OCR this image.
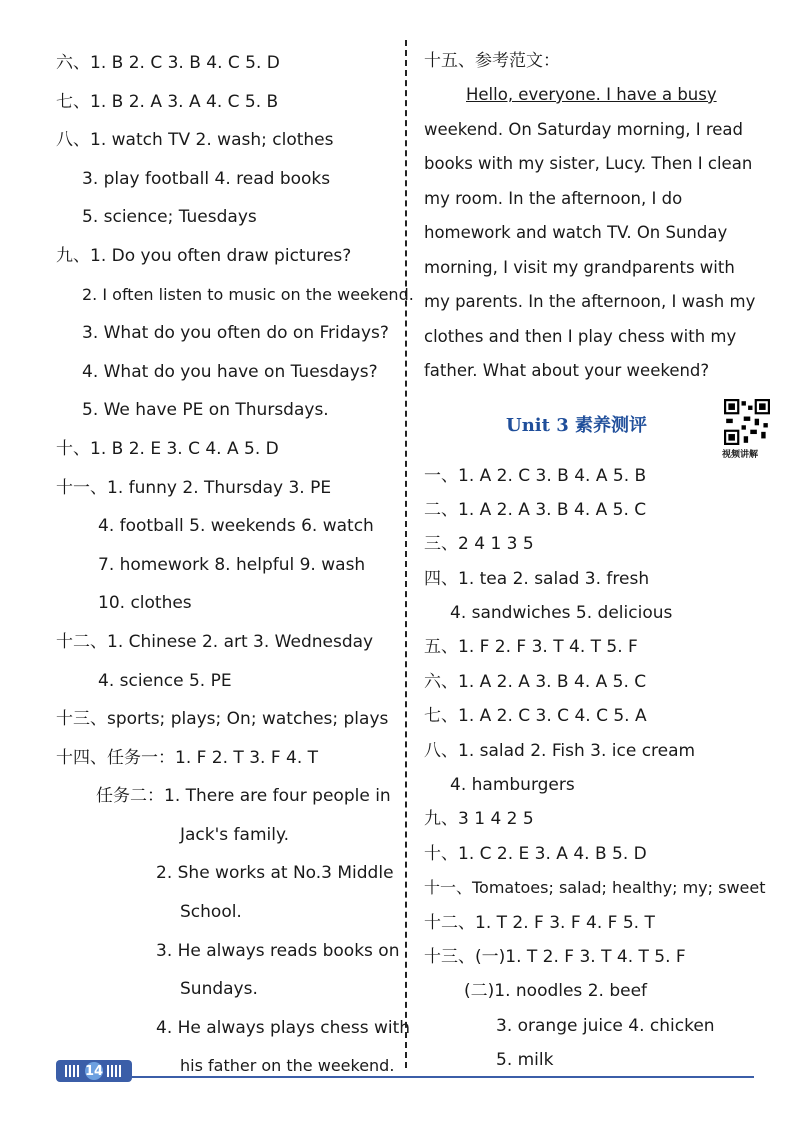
六、1. B 2. C 3. B 4. C 5. D
七、1. B 2. A 3. A 4. C 5. B
八、1. watch TV 2. wash; clothes
3. play football 4. read books
5. science; Tuesdays
九、1. Do you often draw pictures?
2. I often listen to music on the weekend.
3. What do you often do on Fridays?
4. What do you have on Tuesdays?
5. We have PE on Thursdays.
十、1. B 2. E 3. C 4. A 5. D
十一、1. funny 2. Thursday 3. PE
4. football 5. weekends 6. watch
7. homework 8. helpful 9. wash
10. clothes
十二、1. Chinese 2. art 3. Wednesday
4. science 5. PE
十三、sports; plays; On; watches; plays
十四、任务一：1. F 2. T 3. F 4. T
任务二：1. There are four people in
Jack's family.
2. She works at No.3 Middle
School.
3. He always reads books on
Sundays.
4. He always plays chess with
his father on the weekend.

十五、参考范文：

Hello, everyone. I have a busy

weekend. On Saturday morning, I read

books with my sister, Lucy. Then I clean

my room. In the afternoon, I do

homework and watch TV. On Sunday

morning, I visit my grandparents with

my parents. In the afternoon, I wash my

clothes and then I play chess with my

father. What about your weekend?

Unit 3 素养测评
视频讲解
一、1. A 2. C 3. B 4. A 5. B
二、1. A 2. A 3. B 4. A 5. C
三、2 4 1 3 5
四、1. tea 2. salad 3. fresh
4. sandwiches 5. delicious
五、1. F 2. F 3. T 4. T 5. F
六、1. A 2. A 3. B 4. A 5. C
七、1. A 2. C 3. C 4. C 5. A
八、1. salad 2. Fish 3. ice cream
4. hamburgers
九、3 1 4 2 5
十、1. C 2. E 3. A 4. B 5. D
十一、Tomatoes; salad; healthy; my; sweet
十二、1. T 2. F 3. F 4. F 5. T
十三、(一)1. T 2. F 3. T 4. T 5. F
(二)1. noodles 2. beef
3. orange juice 4. chicken
5. milk
14
